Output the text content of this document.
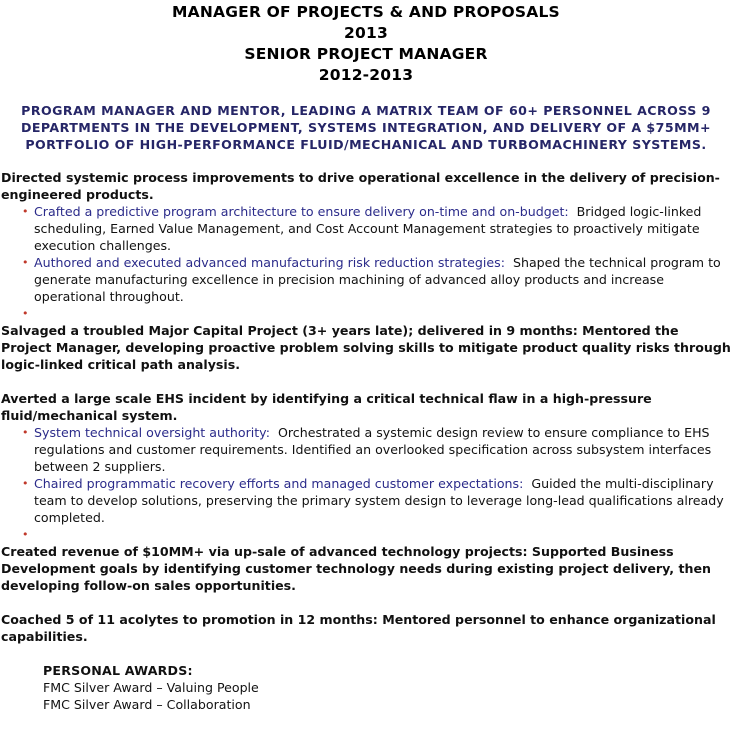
MANAGER OF PROJECTS & AND PROPOSALS
2013
SENIOR PROJECT MANAGER
2012-2013
PROGRAM MANAGER AND MENTOR, LEADING A MATRIX TEAM OF 60+ PERSONNEL ACROSS 9 DEPARTMENTS IN THE DEVELOPMENT, SYSTEMS INTEGRATION, AND DELIVERY OF A $75MM+ PORTFOLIO OF HIGH-PERFORMANCE FLUID/MECHANICAL AND TURBOMACHINERY SYSTEMS.

Directed systemic process improvements to drive operational excellence in the delivery of precision-engineered products.

• Crafted a predictive program architecture to ensure delivery on-time and on-budget: Bridged logic-linked scheduling, Earned Value Management, and Cost Account Management strategies to proactively mitigate execution challenges.
• Authored and executed advanced manufacturing risk reduction strategies: Shaped the technical program to generate manufacturing excellence in precision machining of advanced alloy products and increase operational throughout.
•

Salvaged a troubled Major Capital Project (3+ years late); delivered in 9 months: Mentored the Project Manager, developing proactive problem solving skills to mitigate product quality risks through logic-linked critical path analysis.

Averted a large scale EHS incident by identifying a critical technical flaw in a high-pressure fluid/mechanical system.

• System technical oversight authority: Orchestrated a systemic design review to ensure compliance to EHS regulations and customer requirements. Identified an overlooked specification across subsystem interfaces between 2 suppliers.
• Chaired programmatic recovery efforts and managed customer expectations: Guided the multi-disciplinary team to develop solutions, preserving the primary system design to leverage long-lead qualifications already completed.
•

Created revenue of $10MM+ via up-sale of advanced technology projects: Supported Business Development goals by identifying customer technology needs during existing project delivery, then developing follow-on sales opportunities.

Coached 5 of 11 acolytes to promotion in 12 months: Mentored personnel to enhance organizational capabilities.

PERSONAL AWARDS:
FMC Silver Award – Valuing People
FMC Silver Award – Collaboration
